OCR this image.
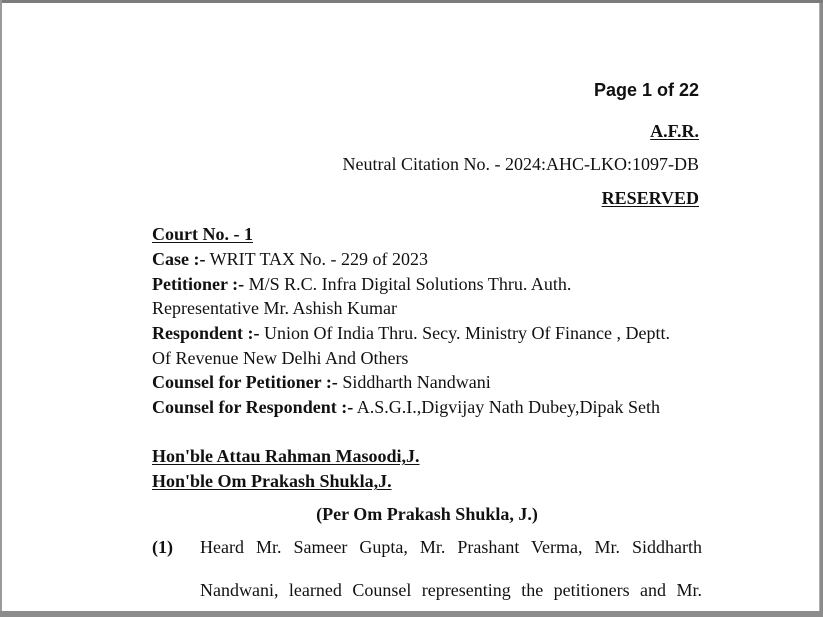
Page 1 of 22
A.F.R.
Neutral Citation No. - 2024:AHC-LKO:1097-DB
RESERVED
Court No. - 1
Case :- WRIT TAX No. - 229 of 2023
Petitioner :- M/S R.C. Infra Digital Solutions Thru. Auth.
Representative Mr. Ashish Kumar
Respondent :- Union Of India Thru. Secy. Ministry Of Finance , Deptt.
Of Revenue New Delhi And Others
Counsel for Petitioner :- Siddharth Nandwani
Counsel for Respondent :- A.S.G.I.,Digvijay Nath Dubey,Dipak Seth
Hon'ble Attau Rahman Masoodi,J.
Hon'ble Om Prakash Shukla,J.
(Per Om Prakash Shukla, J.)
(1) Heard Mr. Sameer Gupta, Mr. Prashant Verma, Mr. Siddharth
Nandwani, learned Counsel representing the petitioners and Mr.
